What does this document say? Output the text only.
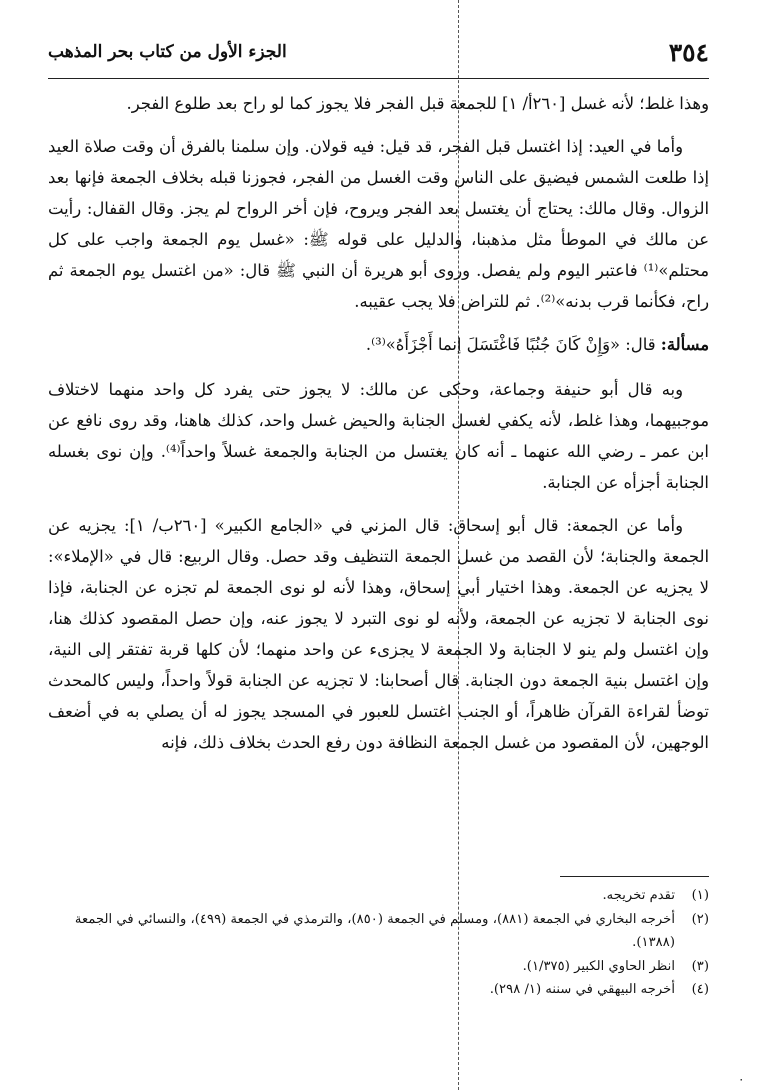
٣٥٤
الجزء الأول من كتاب بحر المذهب

وهذا غلط؛ لأنه غسل [٢٦٠أ/ ١] للجمعة قبل الفجر فلا يجوز كما لو راح بعد طلوع الفجر.

وأما في العيد: إذا اغتسل قبل الفجر، قد قيل: فيه قولان. وإن سلمنا بالفرق أن وقت صلاة العيد إذا طلعت الشمس فيضيق على الناس وقت الغسل من الفجر، فجوزنا قبله بخلاف الجمعة فإنها بعد الزوال. وقال مالك: يحتاج أن يغتسل بعد الفجر ويروح، فإن أخر الرواح لم يجز. وقال القفال: رأيت عن مالك في الموطأ مثل مذهبنا، والدليل على قوله ﷺ: «غسل يوم الجمعة واجب على كل محتلم»⁽¹⁾ فاعتبر اليوم ولم يفصل. وروى أبو هريرة أن النبي ﷺ قال: «من اغتسل يوم الجمعة ثم راح، فكأنما قرب بدنه»⁽²⁾. ثم للتراض فلا يجب عقيبه.

مسألة: قال: «وَإِنْ كَانَ جُنُبًا فَاغْتَسَلَ إنما أَجْزَأَهُ»⁽³⁾.

وبه قال أبو حنيفة وجماعة، وحكى عن مالك: لا يجوز حتى يفرد كل واحد منهما لاختلاف موجبيهما، وهذا غلط، لأنه يكفي لغسل الجنابة والحيض غسل واحد، كذلك هاهنا، وقد روى نافع عن ابن عمر ـ رضي الله عنهما ـ أنه كان يغتسل من الجنابة والجمعة غسلاً واحداً⁽⁴⁾. وإن نوى بغسله الجنابة أجزأه عن الجنابة.

وأما عن الجمعة: قال أبو إسحاق: قال المزني في «الجامع الكبير» [٢٦٠ب/ ١]: يجزيه عن الجمعة والجنابة؛ لأن القصد من غسل الجمعة التنظيف وقد حصل. وقال الربيع: قال في «الإملاء»: لا يجزيه عن الجمعة. وهذا اختيار أبي إسحاق، وهذا لأنه لو نوى الجمعة لم تجزه عن الجنابة، فإذا نوى الجنابة لا تجزيه عن الجمعة، ولأنه لو نوى التبرد لا يجوز عنه، وإن حصل المقصود كذلك هنا، وإن اغتسل ولم ينو لا الجنابة ولا الجمعة لا يجزىء عن واحد منهما؛ لأن كلها قربة تفتقر إلى النية، وإن اغتسل بنية الجمعة دون الجنابة. قال أصحابنا: لا تجزيه عن الجنابة قولاً واحداً، وليس كالمحدث توضأ لقراءة القرآن ظاهراً، أو الجنب اغتسل للعبور في المسجد يجوز له أن يصلي به في أضعف الوجهين، لأن المقصود من غسل الجمعة النظافة دون رفع الحدث بخلاف ذلك، فإنه

(١)
تقدم تخريجه.
(٢)
أخرجه البخاري في الجمعة (٨٨١)، ومسلم في الجمعة (٨٥٠)، والترمذي في الجمعة (٤٩٩)، والنسائي في الجمعة (١٣٨٨).
(٣)
انظر الحاوي الكبير (١/٣٧٥).
(٤)
أخرجه البيهقي في سننه (١/ ٢٩٨).
٠
